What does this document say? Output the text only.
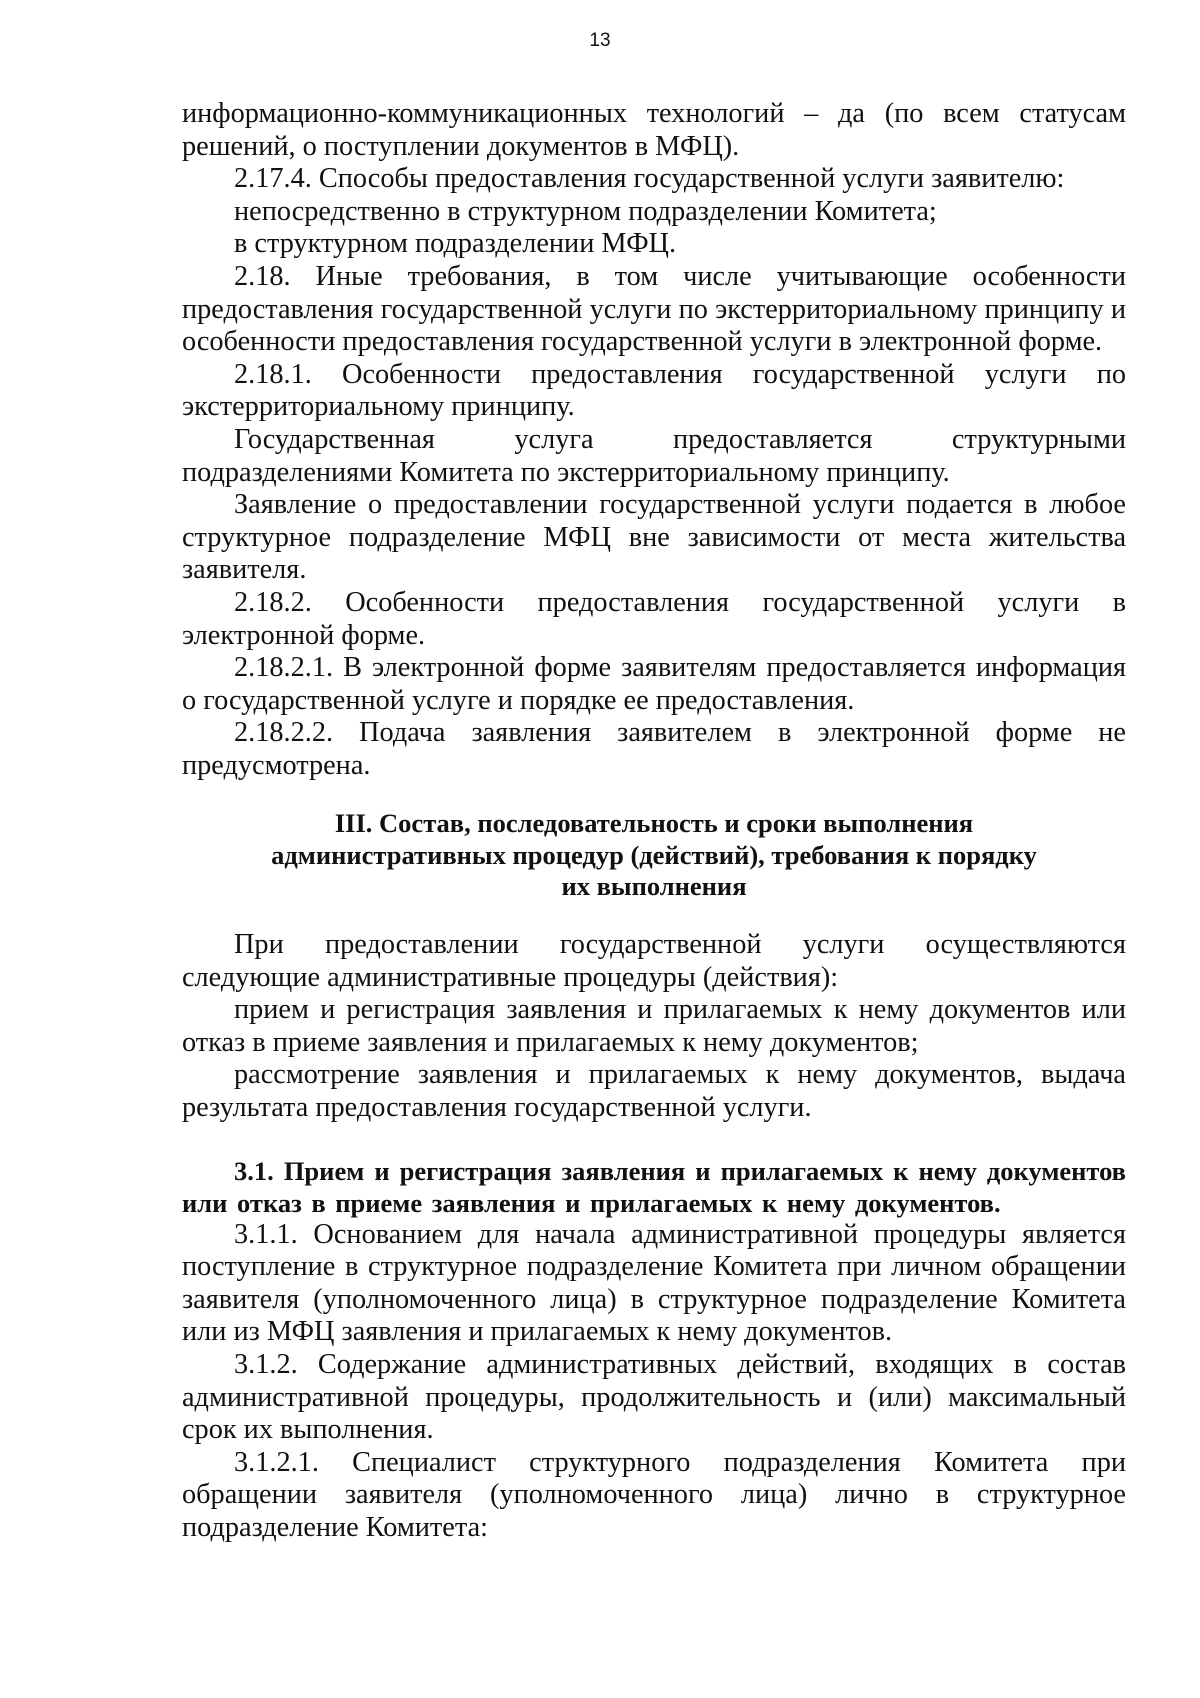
13

информационно-коммуникационных технологий – да (по всем статусам решений, о поступлении документов в МФЦ).

2.17.4. Способы предоставления государственной услуги заявителю:

непосредственно в структурном подразделении Комитета;

в структурном подразделении МФЦ.

2.18. Иные требования, в том числе учитывающие особенности предоставления государственной услуги по экстерриториальному принципу и особенности предоставления государственной услуги в электронной форме.

2.18.1. Особенности предоставления государственной услуги по экстерриториальному принципу.

Государственная услуга предоставляется структурными подразделениями Комитета по экстерриториальному принципу.

Заявление о предоставлении государственной услуги подается в любое структурное подразделение МФЦ вне зависимости от места жительства заявителя.

2.18.2. Особенности предоставления государственной услуги в электронной форме.

2.18.2.1. В электронной форме заявителям предоставляется информация о государственной услуге и порядке ее предоставления.

2.18.2.2. Подача заявления заявителем в электронной форме не предусмотрена.

III. Состав, последовательность и сроки выполнения
административных процедур (действий), требования к порядку
их выполнения

При предоставлении государственной услуги осуществляются следующие административные процедуры (действия):

прием и регистрация заявления и прилагаемых к нему документов или отказ в приеме заявления и прилагаемых к нему документов;

рассмотрение заявления и прилагаемых к нему документов, выдача результата предоставления государственной услуги.

3.1. Прием и регистрация заявления и прилагаемых к нему документов или отказ в приеме заявления и прилагаемых к нему документов.

3.1.1. Основанием для начала административной процедуры является поступление в структурное подразделение Комитета при личном обращении заявителя (уполномоченного лица) в структурное подразделение Комитета или из МФЦ заявления и прилагаемых к нему документов.

3.1.2. Содержание административных действий, входящих в состав административной процедуры, продолжительность и (или) максимальный срок их выполнения.

3.1.2.1. Специалист структурного подразделения Комитета при обращении заявителя (уполномоченного лица) лично в структурное подразделение Комитета:
